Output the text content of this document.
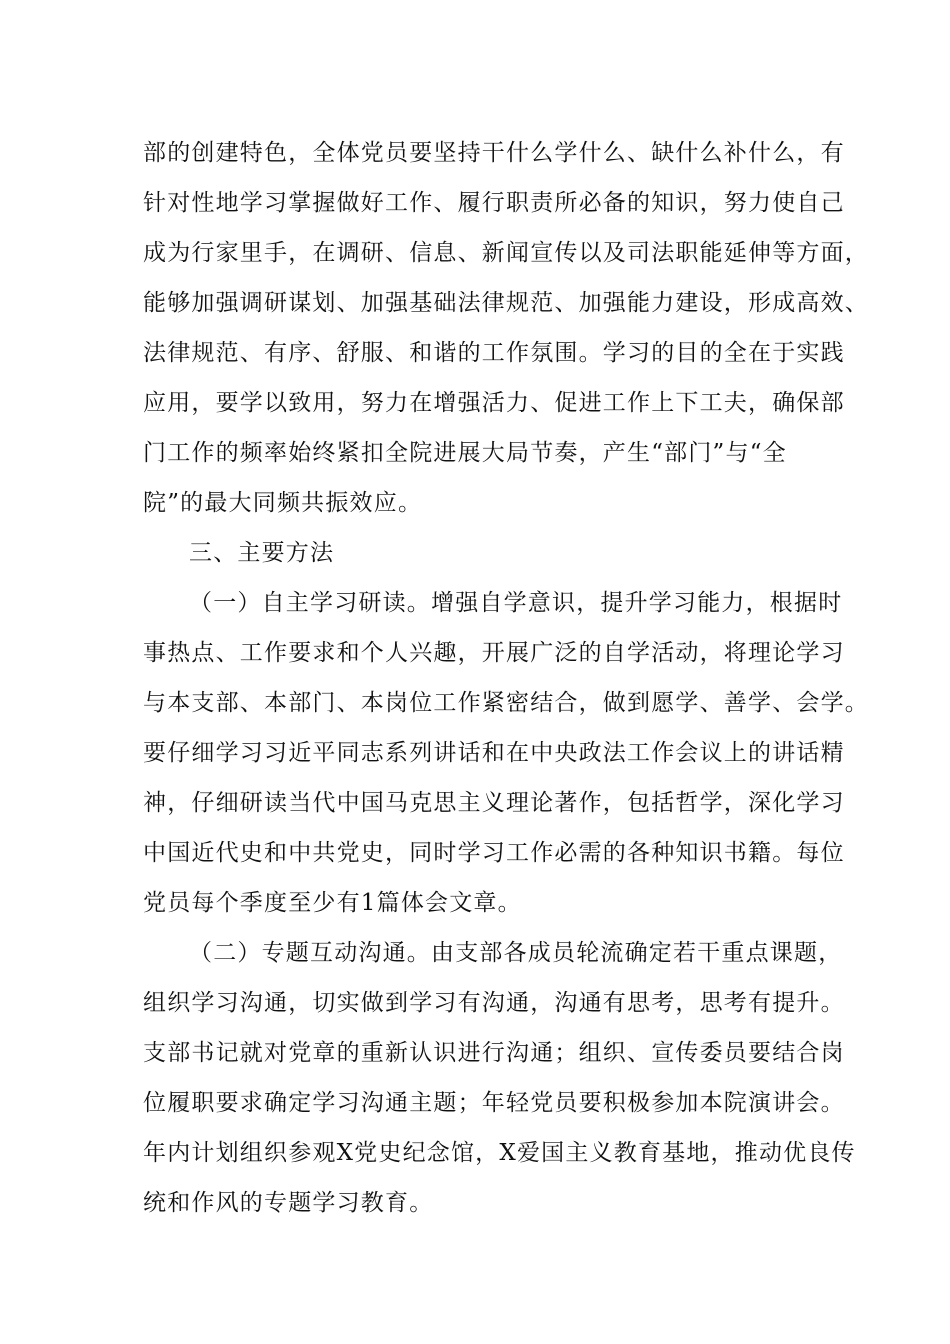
部的创建特色，全体党员要坚持干什么学什么、缺什么补什么，有
针对性地学习掌握做好工作、履行职责所必备的知识，努力使自己
成为行家里手，在调研、信息、新闻宣传以及司法职能延伸等方面，
能够加强调研谋划、加强基础法律规范、加强能力建设，形成高效、
法律规范、有序、舒服、和谐的工作氛围。学习的目的全在于实践
应用，要学以致用，努力在增强活力、促进工作上下工夫，确保部
门工作的频率始终紧扣全院进展大局节奏，产生“部门”与“全
院”的最大同频共振效应。
三、主要方法
（一）自主学习研读。增强自学意识，提升学习能力，根据时
事热点、工作要求和个人兴趣，开展广泛的自学活动，将理论学习
与本支部、本部门、本岗位工作紧密结合，做到愿学、善学、会学。
要仔细学习习近平同志系列讲话和在中央政法工作会议上的讲话精
神，仔细研读当代中国马克思主义理论著作，包括哲学，深化学习
中国近代史和中共党史，同时学习工作必需的各种知识书籍。每位
党员每个季度至少有1篇体会文章。
（二）专题互动沟通。由支部各成员轮流确定若干重点课题，
组织学习沟通，切实做到学习有沟通，沟通有思考，思考有提升。
支部书记就对党章的重新认识进行沟通；组织、宣传委员要结合岗
位履职要求确定学习沟通主题；年轻党员要积极参加本院演讲会。
年内计划组织参观X党史纪念馆，X爱国主义教育基地，推动优良传
统和作风的专题学习教育。
